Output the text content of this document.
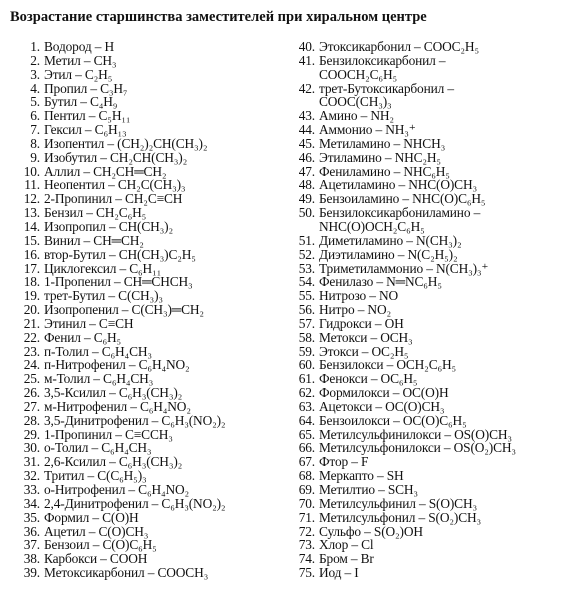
Возрастание старшинства заместителей при хиральном центре
1. Водород – H
2. Метил – CH₃
3. Этил – C₂H₅
4. Пропил – C₃H₇
5. Бутил – C₄H₉
6. Пентил – C₅H₁₁
7. Гексил – C₆H₁₃
8. Изопентил – (CH₂)₂CH(CH₃)₂
9. Изобутил – CH₂CH(CH₃)₂
10. Аллил – CH₂CH═CH₂
11. Неопентил – CH₂C(CH₃)₃
12. 2-Пропинил – CH₂C≡CH
13. Бензил – CH₂C₆H₅
14. Изопропил – CH(CH₃)₂
15. Винил – CH═CH₂
16. втор-Бутил – CH(CH₃)C₂H₅
17. Циклогексил – C₆H₁₁
18. 1-Пропенил – CH═CHCH₃
19. трет-Бутил – C(CH₃)₃
20. Изопропенил – C(CH₃)═CH₂
21. Этинил – C≡CH
22. Фенил – C₆H₅
23. п-Толил – C₆H₄CH₃
24. п-Нитрофенил – C₆H₄NO₂
25. м-Толил – C₆H₄CH₃
26. 3,5-Ксилил – C₆H₃(CH₃)₂
27. м-Нитрофенил – C₆H₄NO₂
28. 3,5-Динитрофенил – C₆H₃(NO₂)₂
29. 1-Пропинил – C≡CCH₃
30. о-Толил – C₆H₄CH₃
31. 2,6-Ксилил – C₆H₃(CH₃)₂
32. Тритил – C(C₆H₅)₃
33. о-Нитрофенил – C₆H₄NO₂
34. 2,4-Динитрофенил – C₆H₃(NO₂)₂
35. Формил – C(O)H
36. Ацетил – C(O)CH₃
37. Бензоил – C(O)C₆H₅
38. Карбокси – COOH
39. Метоксикарбонил – COOCH₃
40. Этоксикарбонил – COOC₂H₅
41. Бензилоксикарбонил –
COOCH₂C₆H₅
42. трет-Бутоксикарбонил –
COOC(CH₃)₃
43. Амино – NH₂
44. Аммонио – NH₃⁺
45. Метиламино – NHCH₃
46. Этиламино – NHC₂H₅
47. Фениламино – NHC₆H₅
48. Ацетиламино – NHC(O)CH₃
49. Бензоиламино – NHC(O)C₆H₅
50. Бензилоксикарбониламино –
NHC(O)OCH₂C₆H₅
51. Диметиламино – N(CH₃)₂
52. Диэтиламино – N(C₂H₅)₂
53. Триметиламмонио – N(CH₃)₃⁺
54. Фенилазо – N═NC₆H₅
55. Нитрозо – NO
56. Нитро – NO₂
57. Гидрокси – OH
58. Метокси – OCH₃
59. Этокси – OC₂H₅
60. Бензилокси – OCH₂C₆H₅
61. Фенокси – OC₆H₅
62. Формилокси – OC(O)H
63. Ацетокси – OC(O)CH₃
64. Бензоилокси – OC(O)C₆H₅
65. Метилсульфинилокси – OS(O)CH₃
66. Метилсульфонилокси – OS(O₂)CH₃
67. Фтор – F
68. Меркапто – SH
69. Метилтио – SCH₃
70. Метилсульфинил – S(O)CH₃
71. Метилсульфонил – S(O₂)CH₃
72. Сульфо – S(O₂)OH
73. Хлор – Cl
74. Бром – Br
75. Иод – I
